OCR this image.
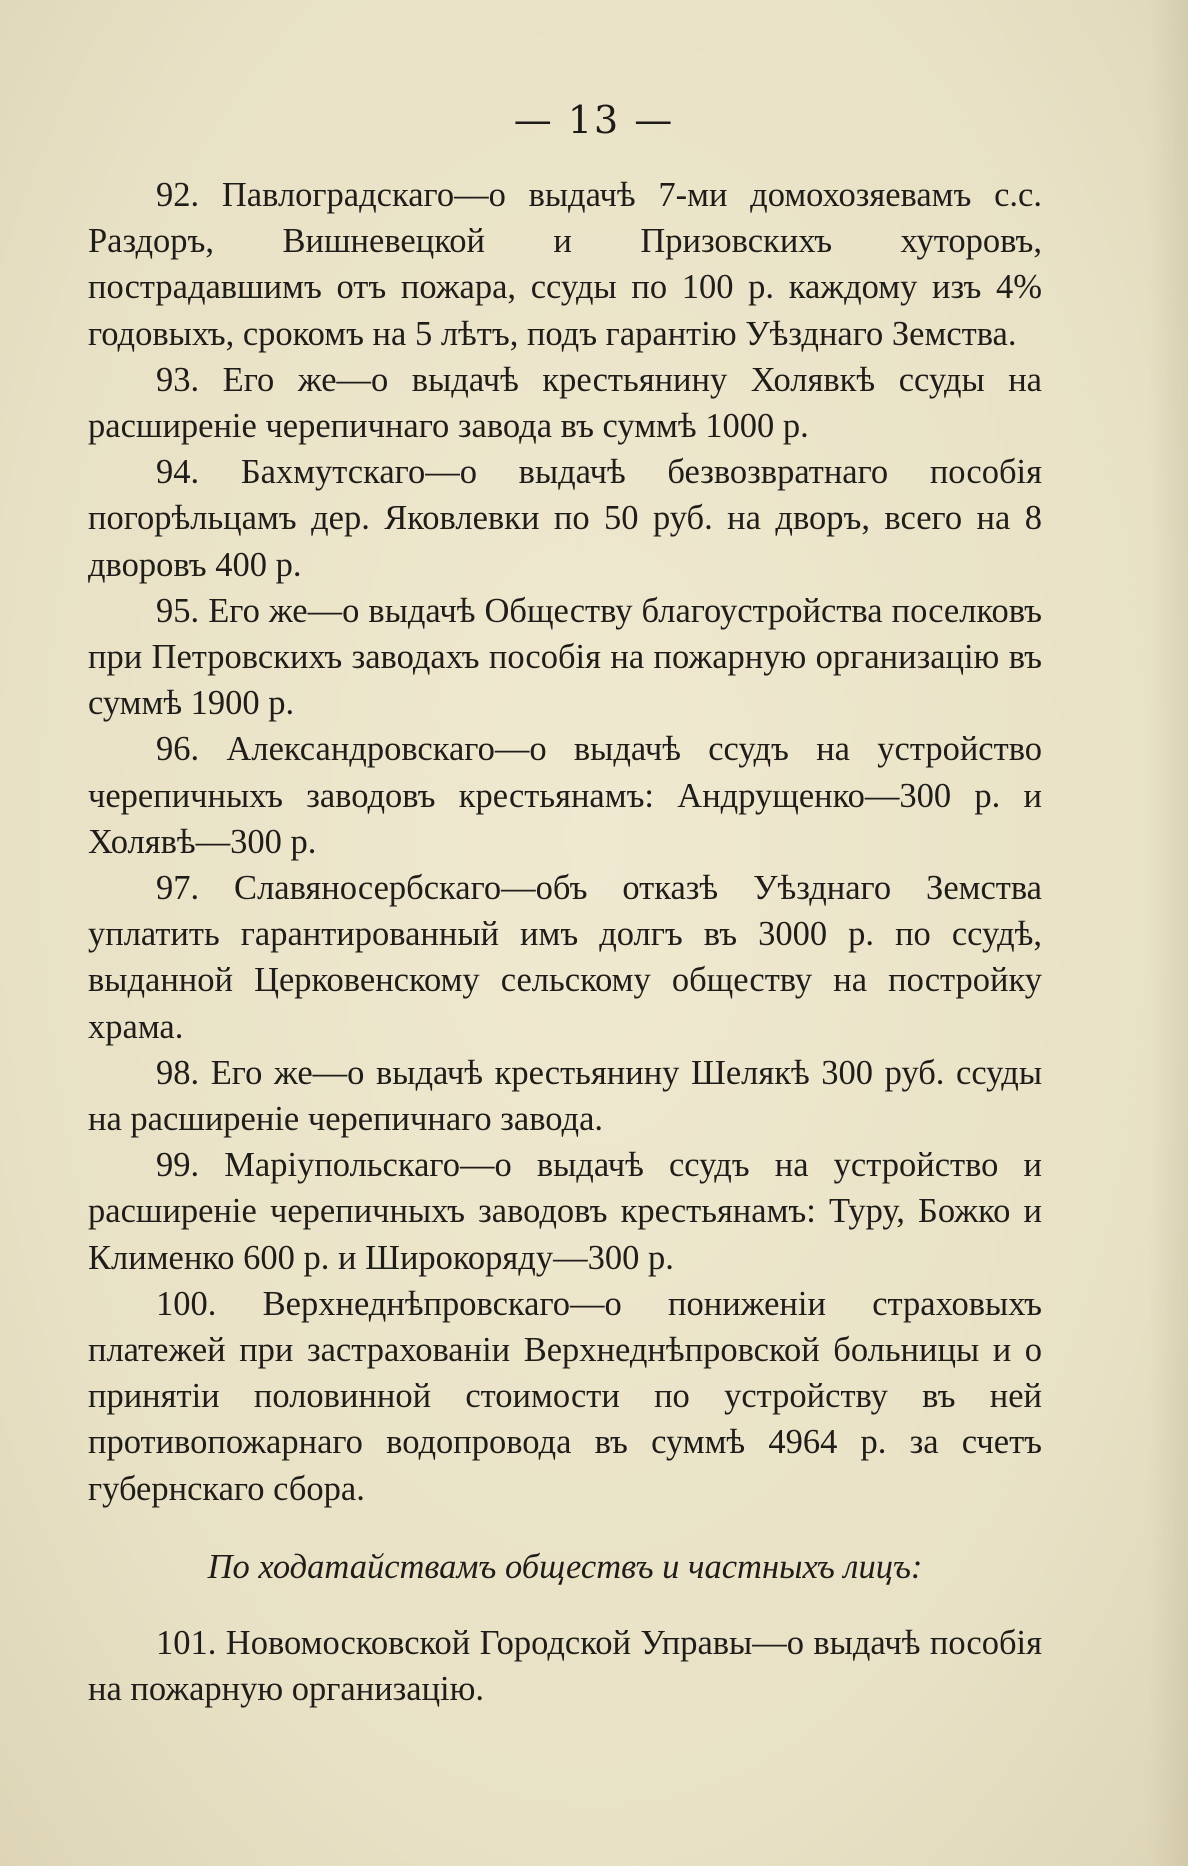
— 13 —

92. Павлоградскаго—о выдачѣ 7-ми домохозяевамъ с.с. Раздоръ, Вишневецкой и Призовскихъ хуторовъ, пострадавшимъ отъ пожара, ссуды по 100 р. каждому изъ 4% годовыхъ, срокомъ на 5 лѣтъ, подъ гарантію Уѣзднаго Земства.

93. Его же—о выдачѣ крестьянину Холявкѣ ссуды на расширеніе черепичнаго завода въ суммѣ 1000 р.

94. Бахмутскаго—о выдачѣ безвозвратнаго пособія погорѣльцамъ дер. Яковлевки по 50 руб. на дворъ, всего на 8 дворовъ 400 р.

95. Его же—о выдачѣ Обществу благоустройства поселковъ при Петровскихъ заводахъ пособія на пожарную организацію въ суммѣ 1900 р.

96. Александровскаго—о выдачѣ ссудъ на устройство черепичныхъ заводовъ крестьянамъ: Андрущенко—300 р. и Холявѣ—300 р.

97. Славяносербскаго—объ отказѣ Уѣзднаго Земства уплатить гарантированный имъ долгъ въ 3000 р. по ссудѣ, выданной Церковенскому сельскому обществу на постройку храма.

98. Его же—о выдачѣ крестьянину Шелякѣ 300 руб. ссуды на расширеніе черепичнаго завода.

99. Маріупольскаго—о выдачѣ ссудъ на устройство и расширеніе черепичныхъ заводовъ крестьянамъ: Туру, Божко и Клименко 600 р. и Широкоряду—300 р.

100. Верхнеднѣпровскаго—о пониженіи страховыхъ платежей при застрахованіи Верхнеднѣпровской больницы и о принятіи половинной стоимости по устройству въ ней противопожарнаго водопровода въ суммѣ 4964 р. за счетъ губернскаго сбора.

По ходатайствамъ обществъ и частныхъ лицъ:

101. Новомосковской Городской Управы—о выдачѣ пособія на пожарную организацію.
